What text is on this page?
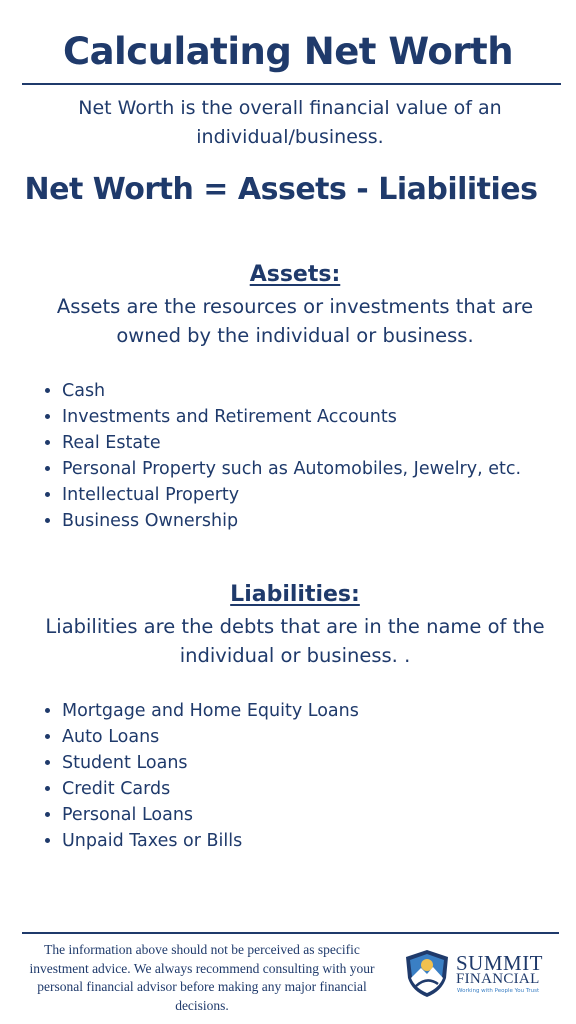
Calculating Net Worth
Net Worth is the overall financial value of an individual/business.
Net Worth = Assets - Liabilities
Assets:
Assets are the resources or investments that are owned by the individual or business.
• Cash
• Investments and Retirement Accounts
• Real Estate
• Personal Property such as Automobiles, Jewelry, etc.
• Intellectual Property
• Business Ownership
Liabilities:
Liabilities are the debts that are in the name of the individual or business. .
• Mortgage and Home Equity Loans
• Auto Loans
• Student Loans
• Credit Cards
• Personal Loans
• Unpaid Taxes or Bills
The information above should not be perceived as specific investment advice. We always recommend consulting with your personal financial advisor before making any major financial decisions.
SUMMIT
FINANCIAL
Working with People You Trust
